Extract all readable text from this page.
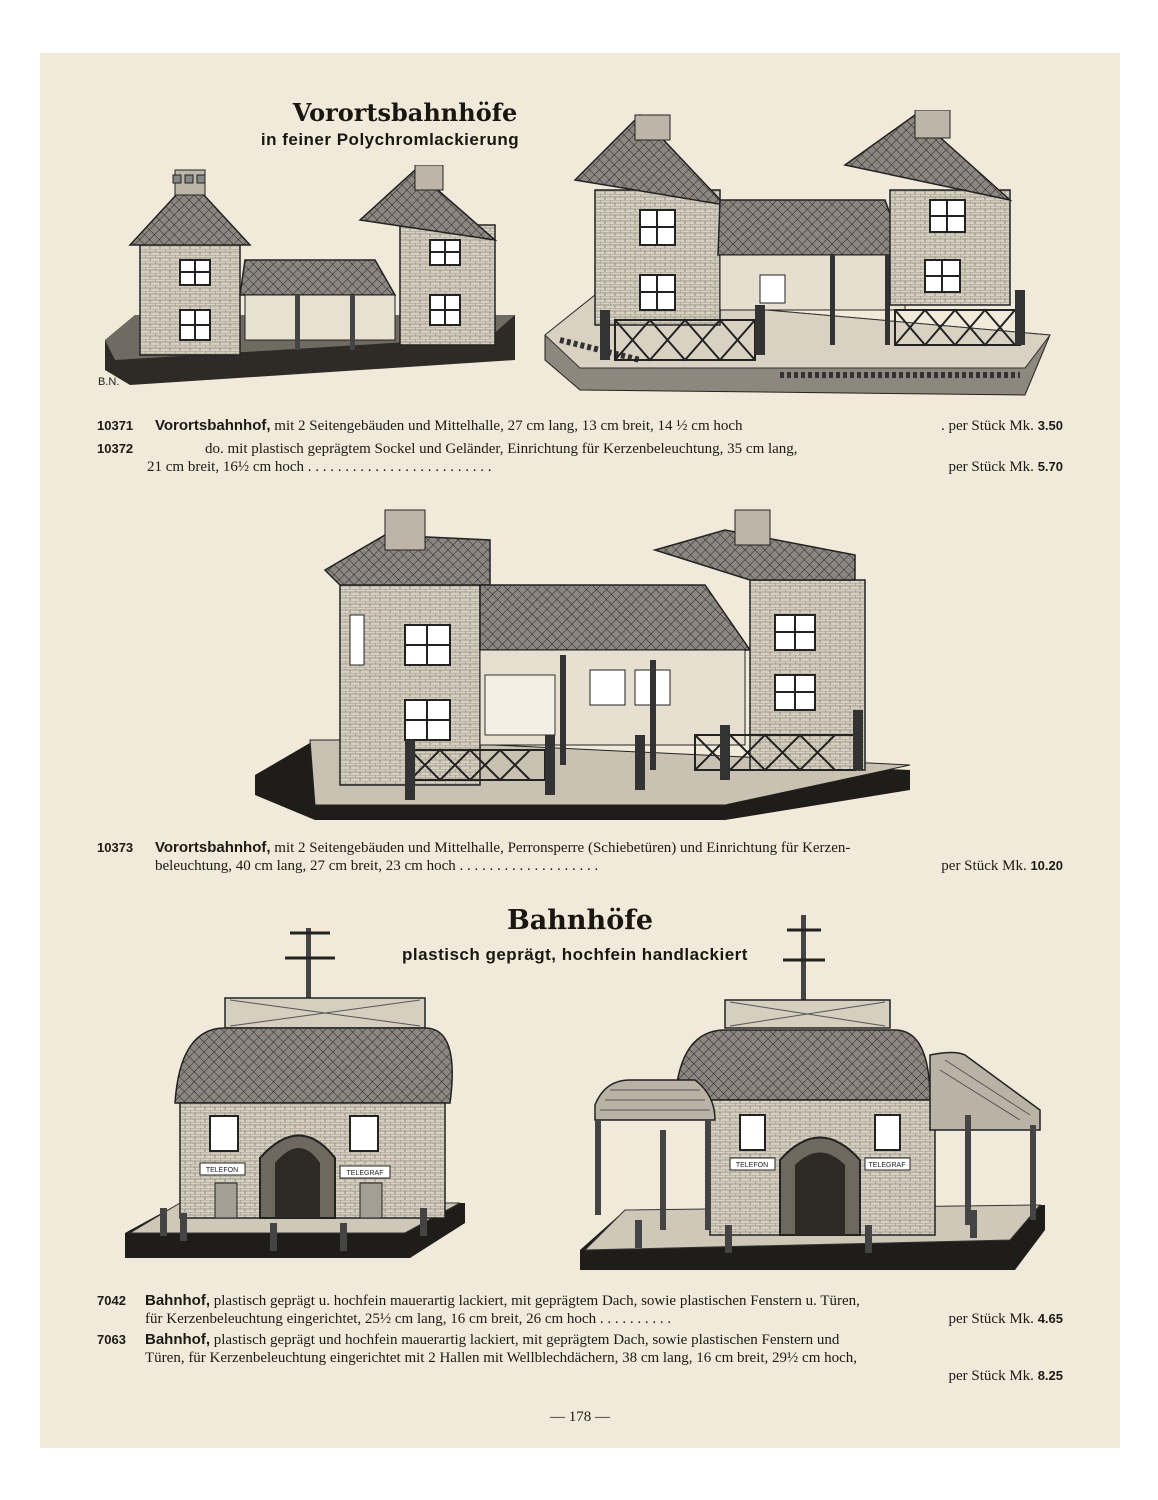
Vorortsbahnhöfe
in feiner Polychromlackierung
B.N.
10371 Vorortsbahnhof, mit 2 Seitengebäuden und Mittelhalle, 27 cm lang, 13 cm breit, 14 ½ cm hoch	. per Stück Mk. 3.50
10372	do. mit plastisch geprägtem Sockel und Geländer, Einrichtung für Kerzenbeleuchtung, 35 cm lang,
21 cm breit, 16½ cm hoch . . . . . . . . . . . . . . . . . . . . . . . . .	per Stück Mk. 5.70
10373 Vorortsbahnhof, mit 2 Seitengebäuden und Mittelhalle, Perronsperre (Schiebetüren) und Einrichtung für Kerzen-
beleuchtung, 40 cm lang, 27 cm breit, 23 cm hoch . . . . . . . . . . . . . . . . . . .	per Stück Mk. 10.20
Bahnhöfe
plastisch geprägt, hochfein handlackiert
TELEFON	TELEGRAF
TELEFON	TELEGRAF
7042 Bahnhof, plastisch geprägt u. hochfein mauerartig lackiert, mit geprägtem Dach, sowie plastischen Fenstern u. Türen,
für Kerzenbeleuchtung eingerichtet, 25½ cm lang, 16 cm breit, 26 cm hoch . . . . . . . . . .	per Stück Mk. 4.65
7063 Bahnhof, plastisch geprägt und hochfein mauerartig lackiert, mit geprägtem Dach, sowie plastischen Fenstern und
Türen, für Kerzenbeleuchtung eingerichtet mit 2 Hallen mit Wellblechdächern, 38 cm lang, 16 cm breit, 29½ cm hoch,
per Stück Mk. 8.25
— 178 —
